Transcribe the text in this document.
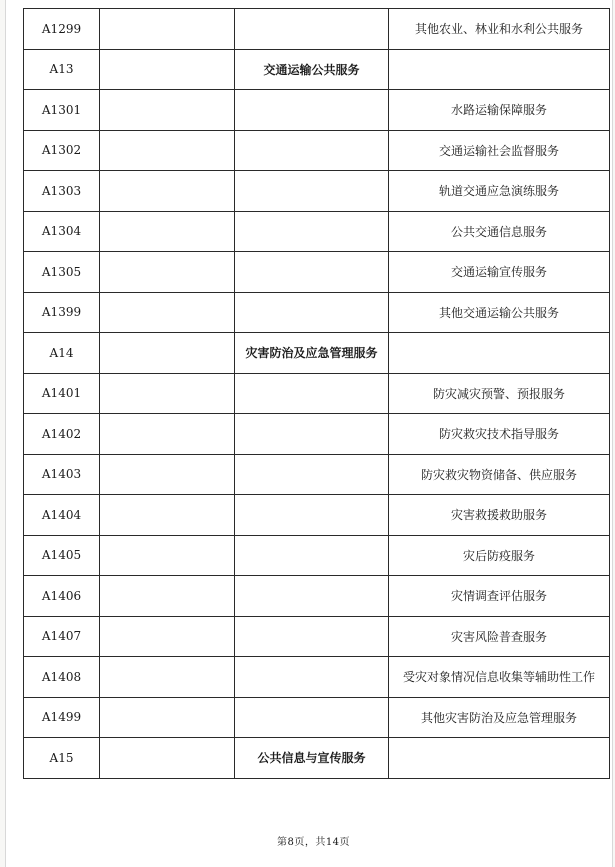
A1299			其他农业、林业和水利公共服务
A13		交通运输公共服务	
A1301			水路运输保障服务
A1302			交通运输社会监督服务
A1303			轨道交通应急演练服务
A1304			公共交通信息服务
A1305			交通运输宣传服务
A1399			其他交通运输公共服务
A14		灾害防治及应急管理服务	
A1401			防灾减灾预警、预报服务
A1402			防灾救灾技术指导服务
A1403			防灾救灾物资储备、供应服务
A1404			灾害救援救助服务
A1405			灾后防疫服务
A1406			灾情调查评估服务
A1407			灾害风险普查服务
A1408			受灾对象情况信息收集等辅助性工作
A1499			其他灾害防治及应急管理服务
A15		公共信息与宣传服务	
第8页，共14页
